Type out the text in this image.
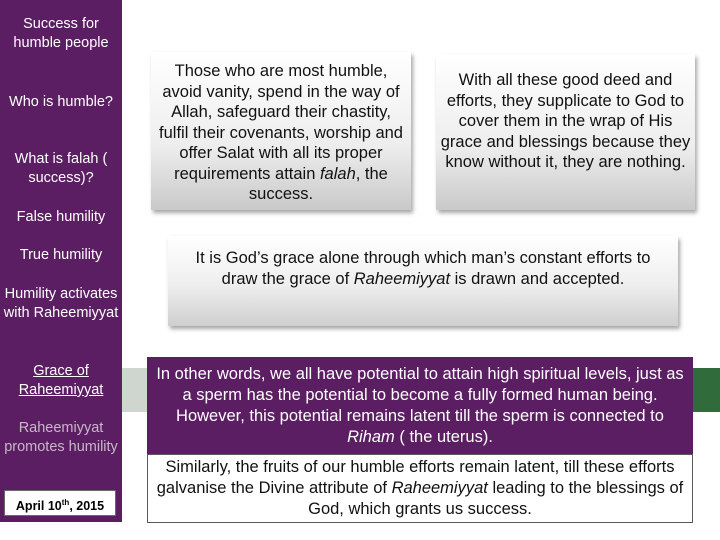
Success for humble people
Who is humble?
What is falah ( success)?
False humility
True humility
Humility activates with Raheemiyyat
Grace of Raheemiyyat
Raheemiyyat promotes humility
April 10th, 2015
Those who are most humble, avoid vanity, spend in the way of Allah, safeguard their chastity, fulfil their covenants, worship and offer Salat with all its proper requirements attain falah, the success.
With all these good deed and efforts, they supplicate to God to cover them in the wrap of His grace and blessings because they know without it, they are nothing.
It is God’s grace alone through which man’s constant efforts to draw the grace of Raheemiyyat is drawn and accepted.
In other words, we all have potential to attain high spiritual levels, just as a sperm has the potential to become a fully formed human being. However, this potential remains latent till the sperm is connected to Riham ( the uterus).
Similarly, the fruits of our humble efforts remain latent, till these efforts galvanise the Divine attribute of Raheemiyyat leading to the blessings of God, which grants us success.
